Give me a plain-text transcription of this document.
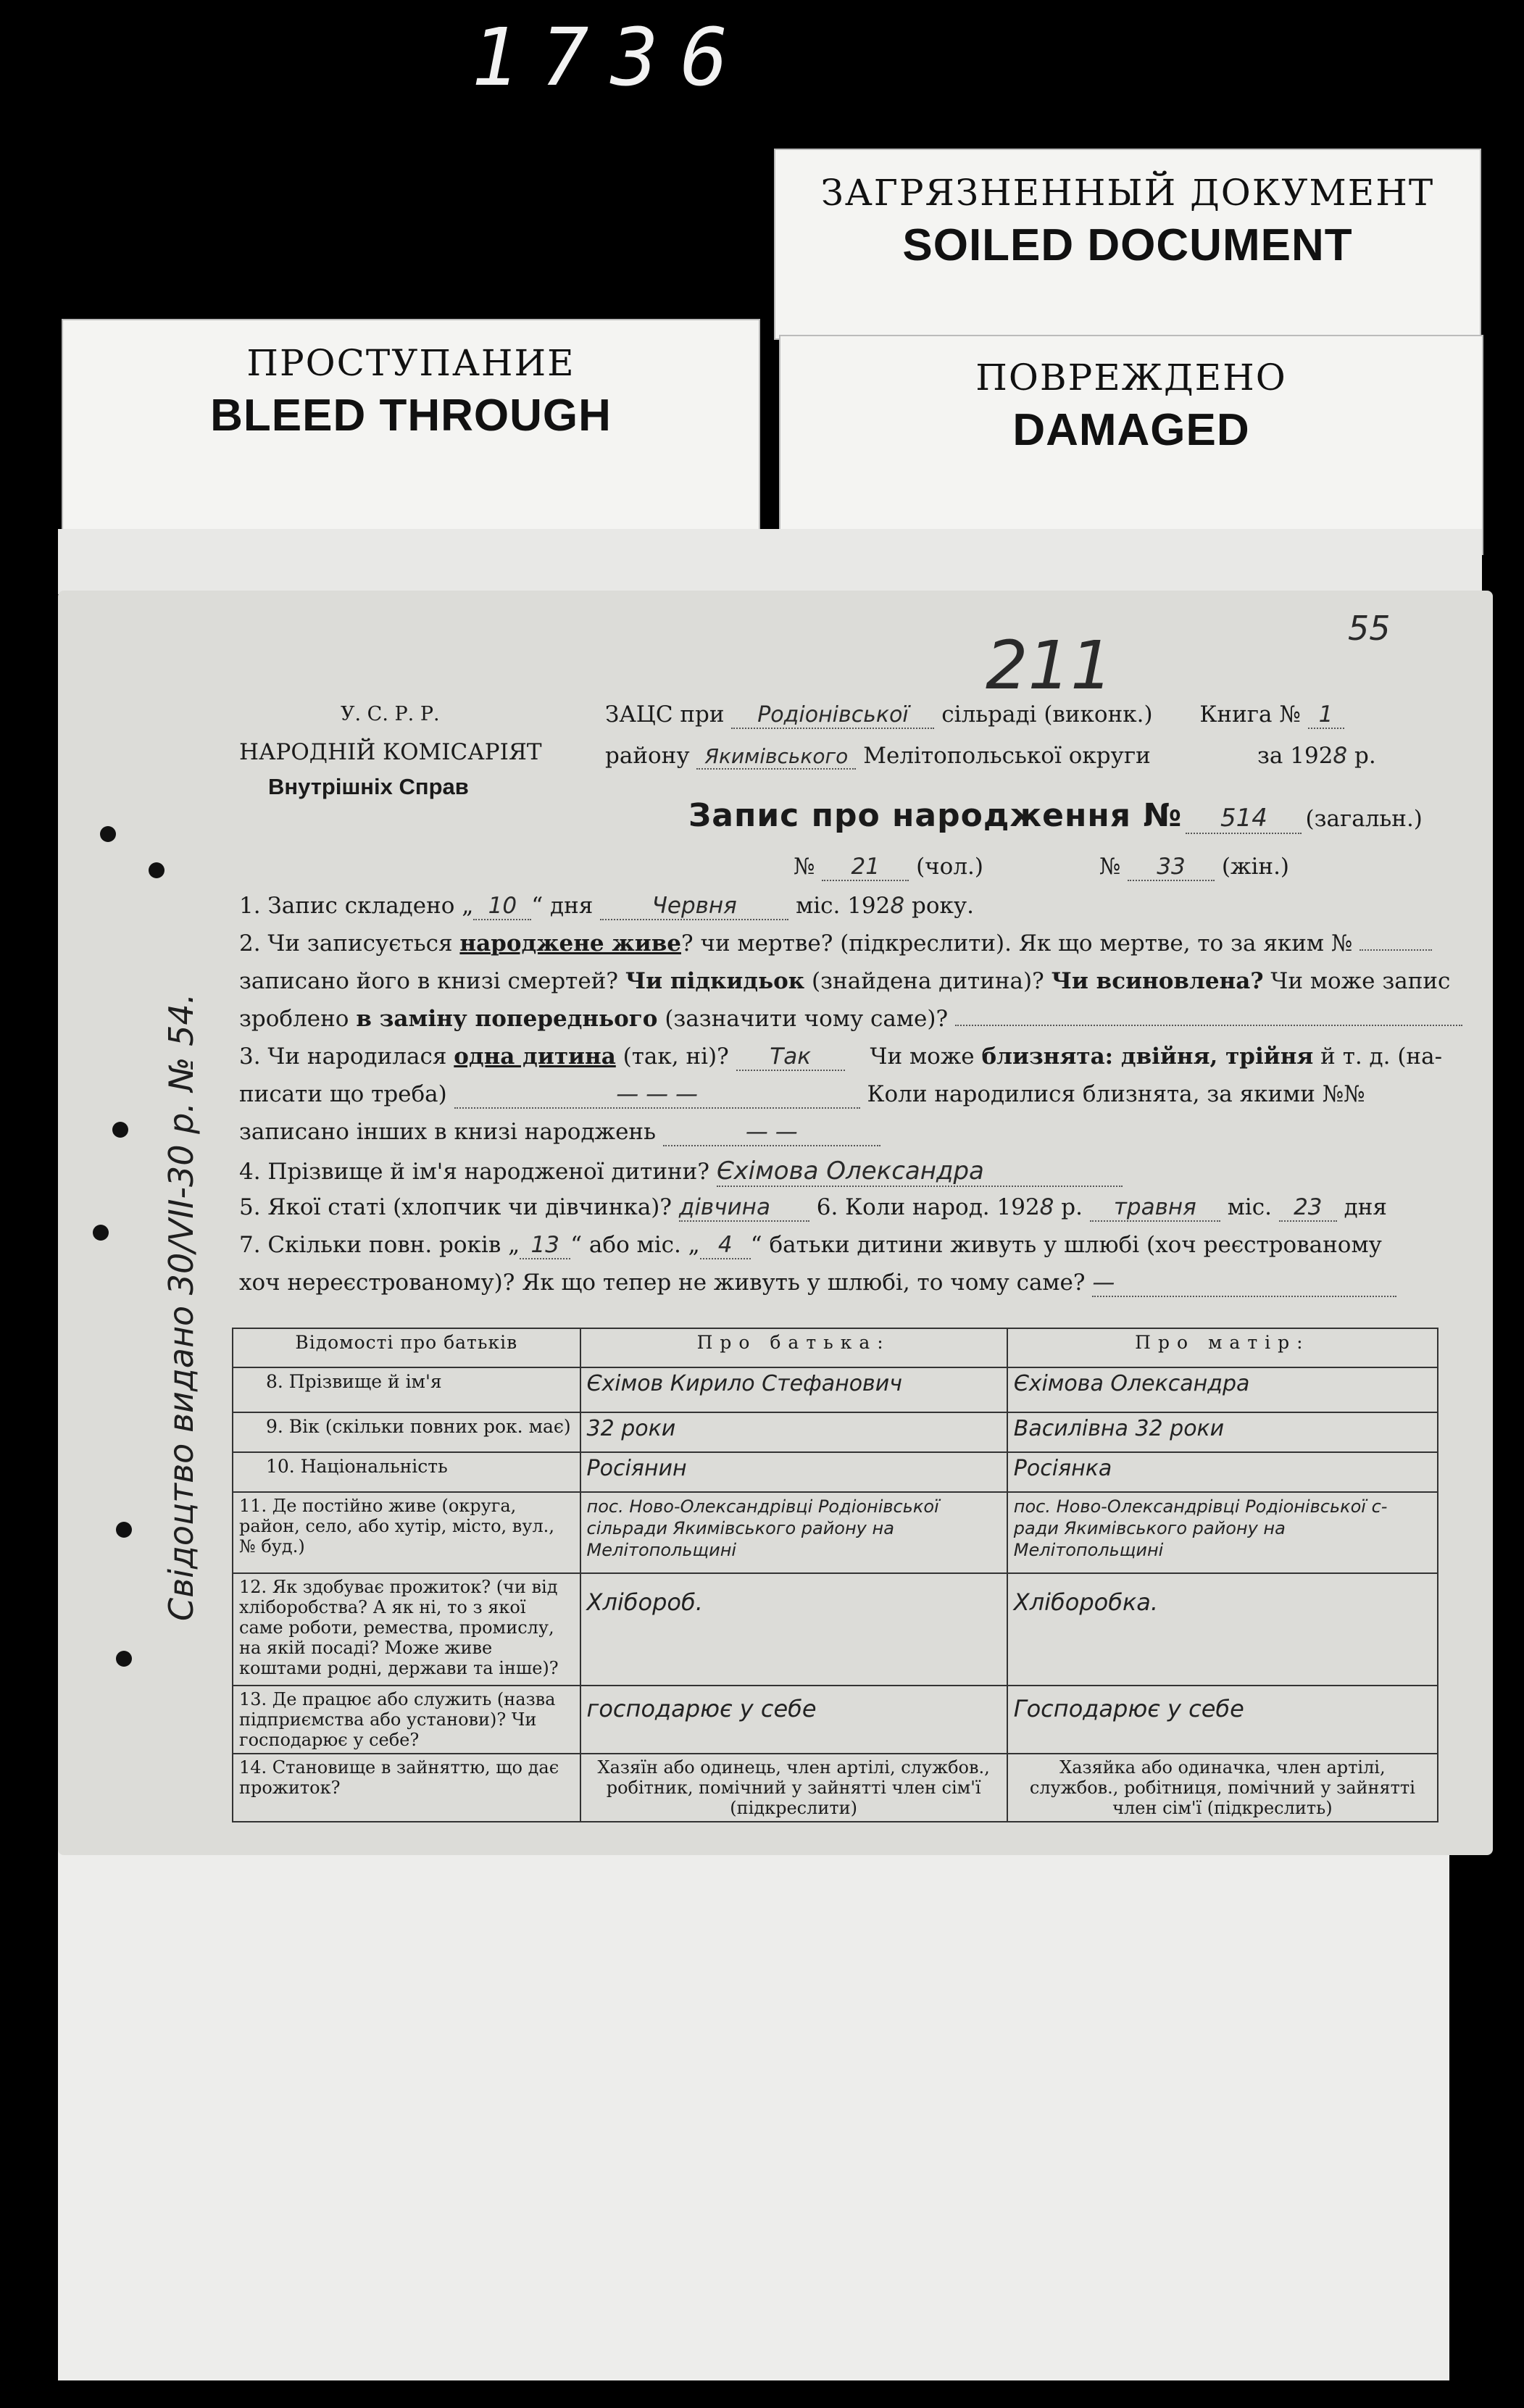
1736
ЗАГРЯЗНЕННЫЙ ДОКУМЕНТ
SOILED DOCUMENT
ПРОСТУПАНИЕ
BLEED THROUGH
ПОВРЕЖДЕНО
DAMAGED
55
211
У. С. Р. Р.
НАРОДНІЙ КОМІСАРІЯТ
Внутрішніх Справ
ЗАЦС при Родіонівської сільраді (виконк.) Книга № 1
району Якимівського Мелітопольської округи	за 1928 р.
Запис про народження № 514 (загальн.)
№ 21 (чол.)	№ 33 (жін.)
1. Запис складено „ 10 “ дня	Червня	міс. 1928 року.
2. Чи записується народжене живе? чи мертве? (підкреслити). Як що мертве, то за яким №
записано його в книзі смертей? Чи підкидьок (знайдена дитина)? Чи всиновлена? Чи може запис
зроблено в заміну попереднього (зазначити чому саме)?
3. Чи народилася одна дитина (так, ні)? Так	Чи може близнята: двійня, трійня й т. д. (на-
писати що треба)	— — —	Коли народилися близнята, за якими №№
записано інших в книзі народжень	— —
4. Прізвище й ім'я народженої дитини? Єхімова Олександра
5. Якої статі (хлопчик чи дівчинка)? дівчина 6. Коли народ. 1928 р. травня міс. 23 дня
7. Скільки повн. років „ 13 “ або міс. „ 4 “ батьки дитини живуть у шлюбі (хоч реєстрованому
хоч нереєстрованому)? Як що тепер не живуть у шлюбі, то чому саме? —
Відомості про батьків	Про батька:	Про матір:
8. Прізвище й ім'я	Єхімов Кирило Стефанович	Єхімова Олександра
9. Вік (скільки повних рок. має)	32 роки	Василівна 32 роки
10. Національність	Росіянин	Росіянка
11. Де постійно живе (округа, район, село, або хутір, місто, вул., № буд.)	пос. Ново-Олександрівці Родіонівської сільради Якимівського району на Мелітопольщині	пос. Ново-Олександрівці Родіонівської с-ради Якимівського району на Мелітопольщині
12. Як здобуває прожиток? (чи від хліборобства? А як ні, то з якої саме роботи, ремества, промислу, на якій посаді? Може живе коштами родні, держави та інше)?	Хлібороб.	Хліборобка.
13. Де працює або служить (назва підприємства або установи)? Чи господарює у себе?	господарює у себе	Господарює у себе
14. Становище в зайняттю, що дає прожиток?	Хазяїн або одинець, член артілі, службов., робітник, помічний у зайнятті член сім'ї (підкреслити)	Хазяйка або одиначка, член артілі, службов., робітниця, помічний у зайнятті член сім'ї (підкреслить)
Свідоцтво видано 30/VII-30 р. № 54.
